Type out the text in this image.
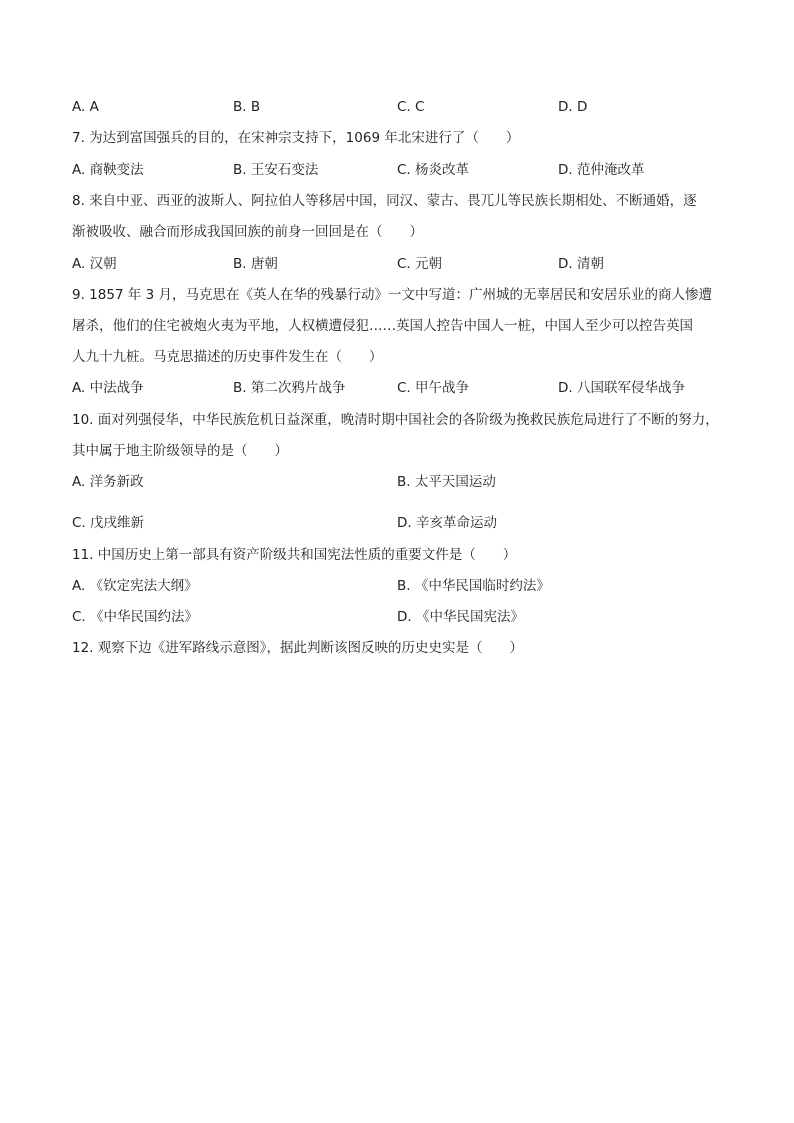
A. A	B. B	C. C	D. D
7. 为达到富国强兵的目的，在宋神宗支持下，1069 年北宋进行了（　　）
A. 商鞅变法	B. 王安石变法	C. 杨炎改革	D. 范仲淹改革
8. 来自中亚、西亚的波斯人、阿拉伯人等移居中国，同汉、蒙古、畏兀儿等民族长期相处、不断通婚，逐
渐被吸收、融合而形成我国回族的前身一回回是在（　　）
A. 汉朝	B. 唐朝	C. 元朝	D. 清朝
9. 1857 年 3 月，马克思在《英人在华的残暴行动》一文中写道：广州城的无辜居民和安居乐业的商人惨遭
屠杀，他们的住宅被炮火夷为平地，人权横遭侵犯……英国人控告中国人一桩，中国人至少可以控告英国
人九十九桩。马克思描述的历史事件发生在（　　）
A. 中法战争	B. 第二次鸦片战争	C. 甲午战争	D. 八国联军侵华战争
10. 面对列强侵华，中华民族危机日益深重，晚清时期中国社会的各阶级为挽救民族危局进行了不断的努力，
其中属于地主阶级领导的是（　　）
A. 洋务新政	B. 太平天国运动
C. 戊戌维新	D. 辛亥革命运动
11. 中国历史上第一部具有资产阶级共和国宪法性质的重要文件是（　　）
A. 《钦定宪法大纲》	B. 《中华民国临时约法》
C. 《中华民国约法》	D. 《中华民国宪法》
12. 观察下边《进军路线示意图》，据此判断该图反映的历史史实是（　　）
